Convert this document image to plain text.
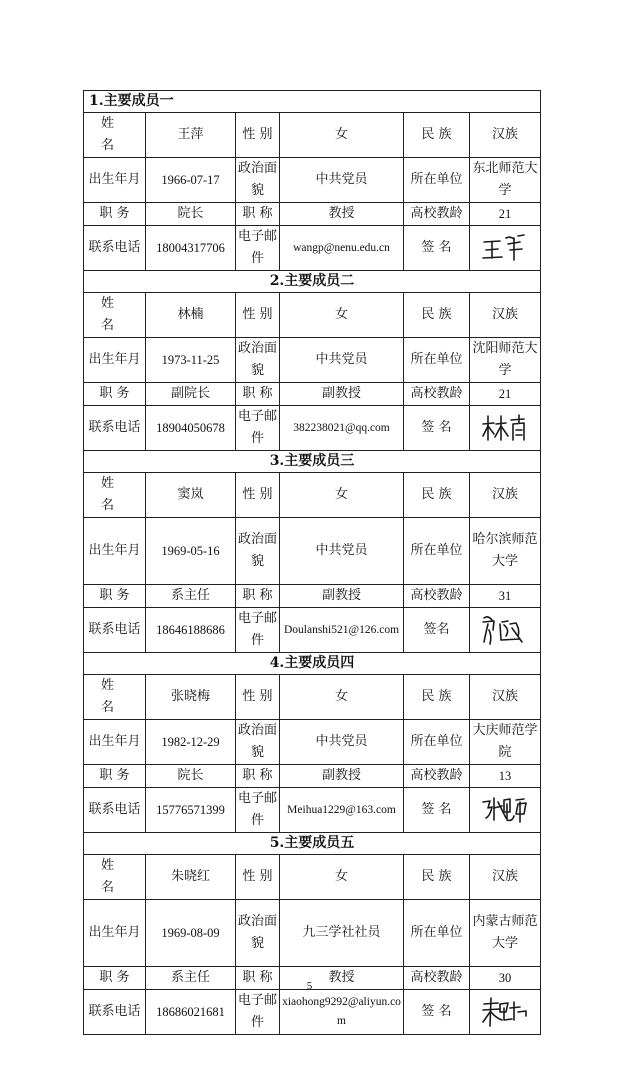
1.主要成员一					
姓 名	王萍	性 别	女	民 族	汉族
出生年月	1966-07-17	政治面貌	中共党员	所在单位	东北师范大学
职 务	院长	职 称	教授	高校教龄	21
联系电话	18004317706	电子邮件	wangp@nenu.edu.cn	签 名	

2.主要成员二					
姓 名	林楠	性 别	女	民 族	汉族
出生年月	1973-11-25	政治面貌	中共党员	所在单位	沈阳师范大学
职 务	副院长	职 称	副教授	高校教龄	21
联系电话	18904050678	电子邮件	382238021@qq.com	签 名	

3.主要成员三					
姓 名	窦岚	性 别	女	民 族	汉族
出生年月	1969-05-16	政治面貌	中共党员	所在单位	哈尔滨师范大学
职 务	系主任	职 称	副教授	高校教龄	31
联系电话	18646188686	电子邮件	Doulanshi521@126.com	签名	

4.主要成员四					
姓 名	张晓梅	性 别	女	民 族	汉族
出生年月	1982-12-29	政治面貌	中共党员	所在单位	大庆师范学院
职 务	院长	职 称	副教授	高校教龄	13
联系电话	15776571399	电子邮件	Meihua1229@163.com	签 名	

5.主要成员五					
姓 名	朱晓红	性 别	女	民 族	汉族
出生年月	1969-08-09	政治面貌	九三学社社员	所在单位	内蒙古师范大学
职 务	系主任	职 称	教授	高校教龄	30
联系电话	18686021681	电子邮件	xiaohong9292@aliyun.com	签 名	
5
